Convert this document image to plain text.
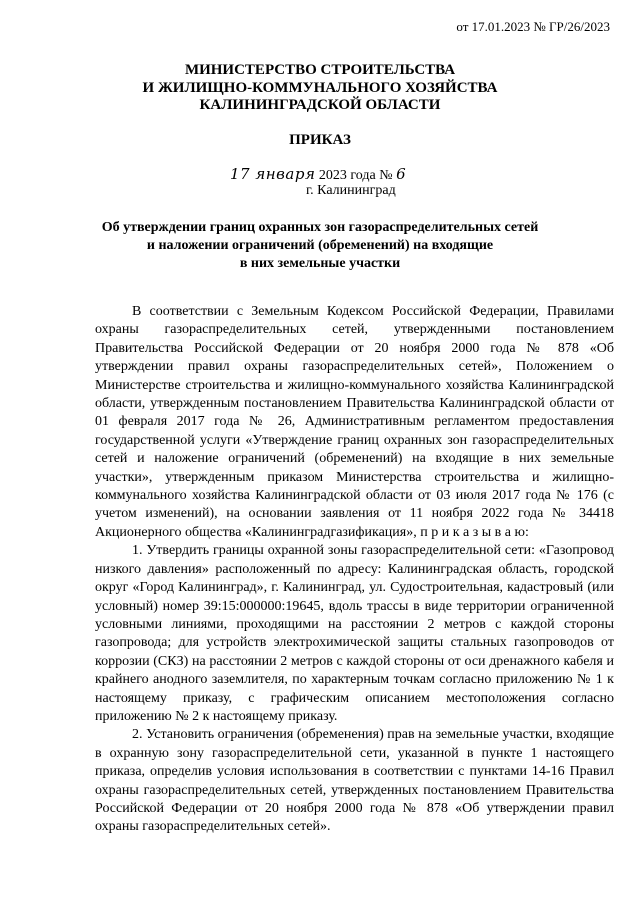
от 17.01.2023 № ГР/26/2023
МИНИСТЕРСТВО СТРОИТЕЛЬСТВА
И ЖИЛИЩНО-КОММУНАЛЬНОГО ХОЗЯЙСТВА
КАЛИНИНГРАДСКОЙ ОБЛАСТИ
ПРИКАЗ
17 января 2023 года № 6
г. Калининград
Об утверждении границ охранных зон газораспределительных сетей
и наложении ограничений (обременений) на входящие
в них земельные участки

В соответствии с Земельным Кодексом Российской Федерации, Правилами охраны газораспределительных сетей, утвержденными постановлением Правительства Российской Федерации от 20 ноября 2000 года № 878 «Об утверждении правил охраны газораспределительных сетей», Положением о Министерстве строительства и жилищно-коммунального хозяйства Калининградской области, утвержденным постановлением Правительства Калининградской области от 01 февраля 2017 года № 26, Административным регламентом предоставления государственной услуги «Утверждение границ охранных зон газораспределительных сетей и наложение ограничений (обременений) на входящие в них земельные участки», утвержденным приказом Министерства строительства и жилищно-коммунального хозяйства Калининградской области от 03 июля 2017 года № 176 (с учетом изменений), на основании заявления от 11 ноября 2022 года № 34418 Акционерного общества «Калининградгазификация», п р и к а з ы в а ю:

1. Утвердить границы охранной зоны газораспределительной сети: «Газопровод низкого давления» расположенный по адресу: Калининградская область, городской округ «Город Калининград», г. Калининград, ул. Судостроительная, кадастровый (или условный) номер 39:15:000000:19645, вдоль трассы в виде территории ограниченной условными линиями, проходящими на расстоянии 2 метров с каждой стороны газопровода; для устройств электрохимической защиты стальных газопроводов от коррозии (СКЗ) на расстоянии 2 метров с каждой стороны от оси дренажного кабеля и крайнего анодного заземлителя, по характерным точкам согласно приложению № 1 к настоящему приказу, с графическим описанием местоположения согласно приложению № 2 к настоящему приказу.

2. Установить ограничения (обременения) прав на земельные участки, входящие в охранную зону газораспределительной сети, указанной в пункте 1 настоящего приказа, определив условия использования в соответствии с пунктами 14-16 Правил охраны газораспределительных сетей, утвержденных постановлением Правительства Российской Федерации от 20 ноября 2000 года № 878 «Об утверждении правил охраны газораспределительных сетей».
